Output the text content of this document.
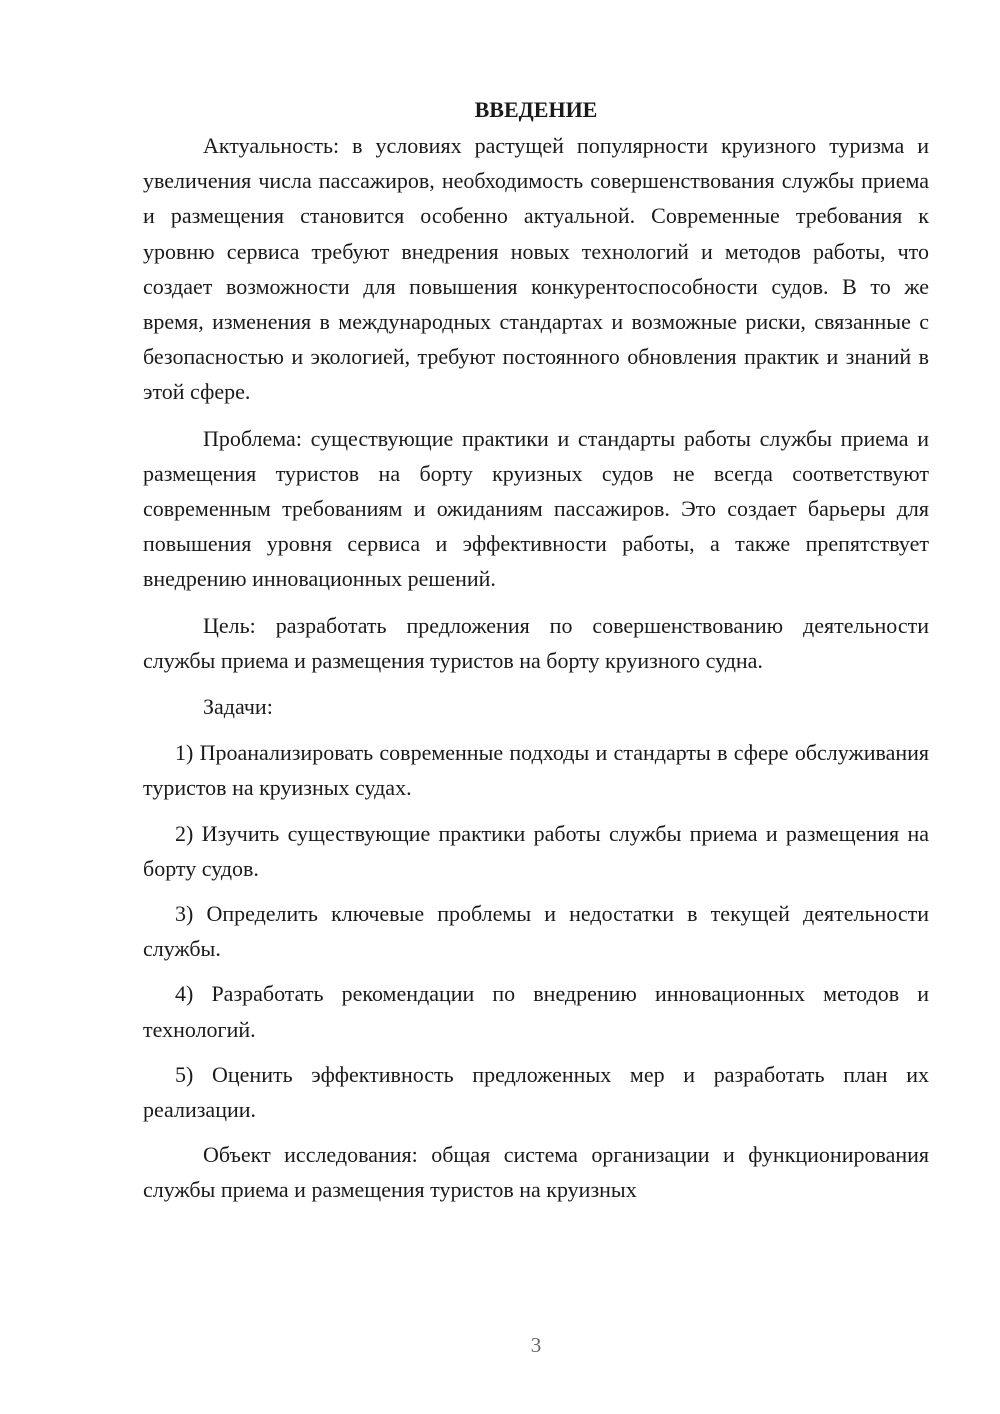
ВВЕДЕНИЕ

Актуальность: в условиях растущей популярности круизного туризма и увеличения числа пассажиров, необходимость совершенствования службы приема и размещения становится особенно актуальной. Современные требования к уровню сервиса требуют внедрения новых технологий и методов работы, что создает возможности для повышения конкурентоспособности судов. В то же время, изменения в международных стандартах и возможные риски, связанные с безопасностью и экологией, требуют постоянного обновления практик и знаний в этой сфере.

Проблема: существующие практики и стандарты работы службы приема и размещения туристов на борту круизных судов не всегда соответствуют современным требованиям и ожиданиям пассажиров. Это создает барьеры для повышения уровня сервиса и эффективности работы, а также препятствует внедрению инновационных решений.

Цель: разработать предложения по совершенствованию деятельности службы приема и размещения туристов на борту круизного судна.

Задачи:

1) Проанализировать современные подходы и стандарты в сфере обслуживания туристов на круизных судах.

2) Изучить существующие практики работы службы приема и размещения на борту судов.

3) Определить ключевые проблемы и недостатки в текущей деятельности службы.

4) Разработать рекомендации по внедрению инновационных методов и технологий.

5) Оценить эффективность предложенных мер и разработать план их реализации.

Объект исследования: общая система организации и функционирования службы приема и размещения туристов на круизных

3
